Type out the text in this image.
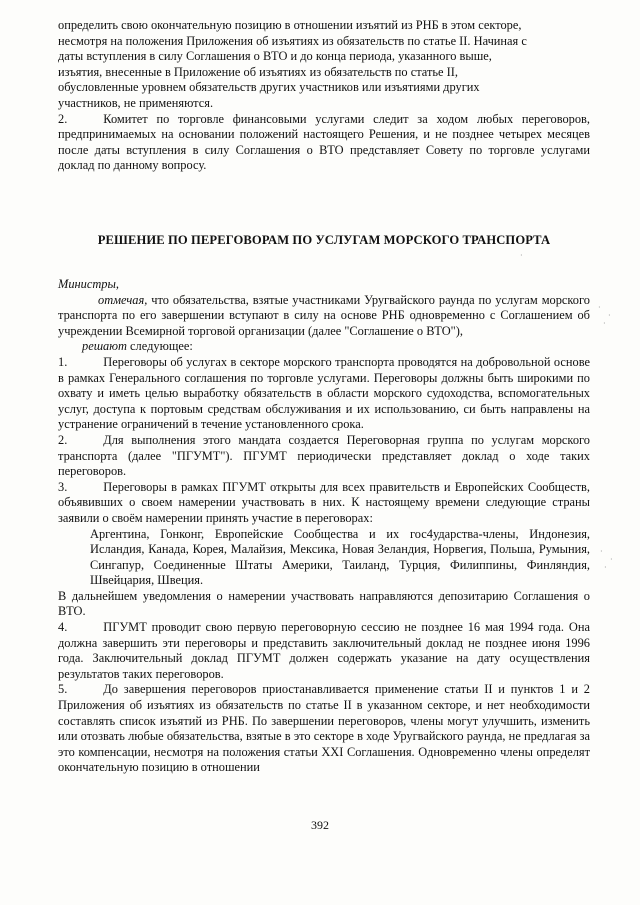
определить свою окончательную позицию в отношении изъятий из РНБ в этом секторе,

несмотря на положения Приложения об изъятиях из обязательств по статье II. Начиная с

даты вступления в силу Соглашения о ВТО и до конца периода, указанного выше,

изъятия, внесенные в Приложение об изъятиях из обязательств по статье II,

обусловленные уровнем обязательств других участников или изъятиями других

участников, не применяются.

2.	Комитет по торговле финансовыми услугами следит за ходом любых переговоров, предпринимаемых на основании положений настоящего Решения, и не позднее четырех месяцев после даты вступления в силу Соглашения о ВТО представляет Совету по торговле услугами доклад по данному вопросу.

РЕШЕНИЕ ПО ПЕРЕГОВОРАМ ПО УСЛУГАМ МОРСКОГО ТРАНСПОРТА

Министры,

отмечая, что обязательства, взятые участниками Уругвайского раунда по услугам морского транспорта по его завершении вступают в силу на основе РНБ одновременно с Соглашением об учреждении Всемирной торговой организации (далее "Соглашение о ВТО"),

решают следующее:

1.	Переговоры об услугах в секторе морского транспорта проводятся на добровольной основе в рамках Генерального соглашения по торговле услугами. Переговоры должны быть широкими по охвату и иметь целью выработку обязательств в области морского судоходства, вспомогательных услуг, доступа к портовым средствам обслуживания и их использованию, си быть направлены на устранение ограничений в течение установленного срока.

2.	Для выполнения этого мандата создается Переговорная группа по услугам морского транспорта (далее "ПГУМТ"). ПГУМТ периодически представляет доклад о ходе таких переговоров.

3.	Переговоры в рамках ПГУМТ открыты для всех правительств и Европейских Сообществ, объявивших о своем намерении участвовать в них. К настоящему времени следующие страны заявили о своём намерении принять участие в переговорах:

Аргентина, Гонконг, Европейские Сообщества и их гос4ударства-члены, Индонезия, Исландия, Канада, Корея, Малайзия, Мексика, Новая Зеландия, Норвегия, Польша, Румыния, Сингапур, Соединенные Штаты Америки, Таиланд, Турция, Филиппины, Финляндия, Швейцария, Швеция.

В дальнейшем уведомления о намерении участвовать направляются депозитарию Соглашения о ВТО.

4.	ПГУМТ проводит свою первую переговорную сессию не позднее 16 мая 1994 года. Она должна завершить эти переговоры и представить заключительный доклад не позднее июня 1996 года. Заключительный доклад ПГУМТ должен содержать указание на дату осуществления результатов таких переговоров.

5.	До завершения переговоров приостанавливается применение статьи II и пунктов 1 и 2 Приложения об изъятиях из обязательств по статье II в указанном секторе, и нет необходимости составлять список изъятий из РНБ. По завершении переговоров, члены могут улучшить, изменить или отозвать любые обязательства, взятые в это секторе в ходе Уругвайского раунда, не предлагая за это компенсации, несмотря на положения статьи XXI Соглашения. Одновременно члены определят окончательную позицию в отношении

392
·
·
·
·
·
·
·
